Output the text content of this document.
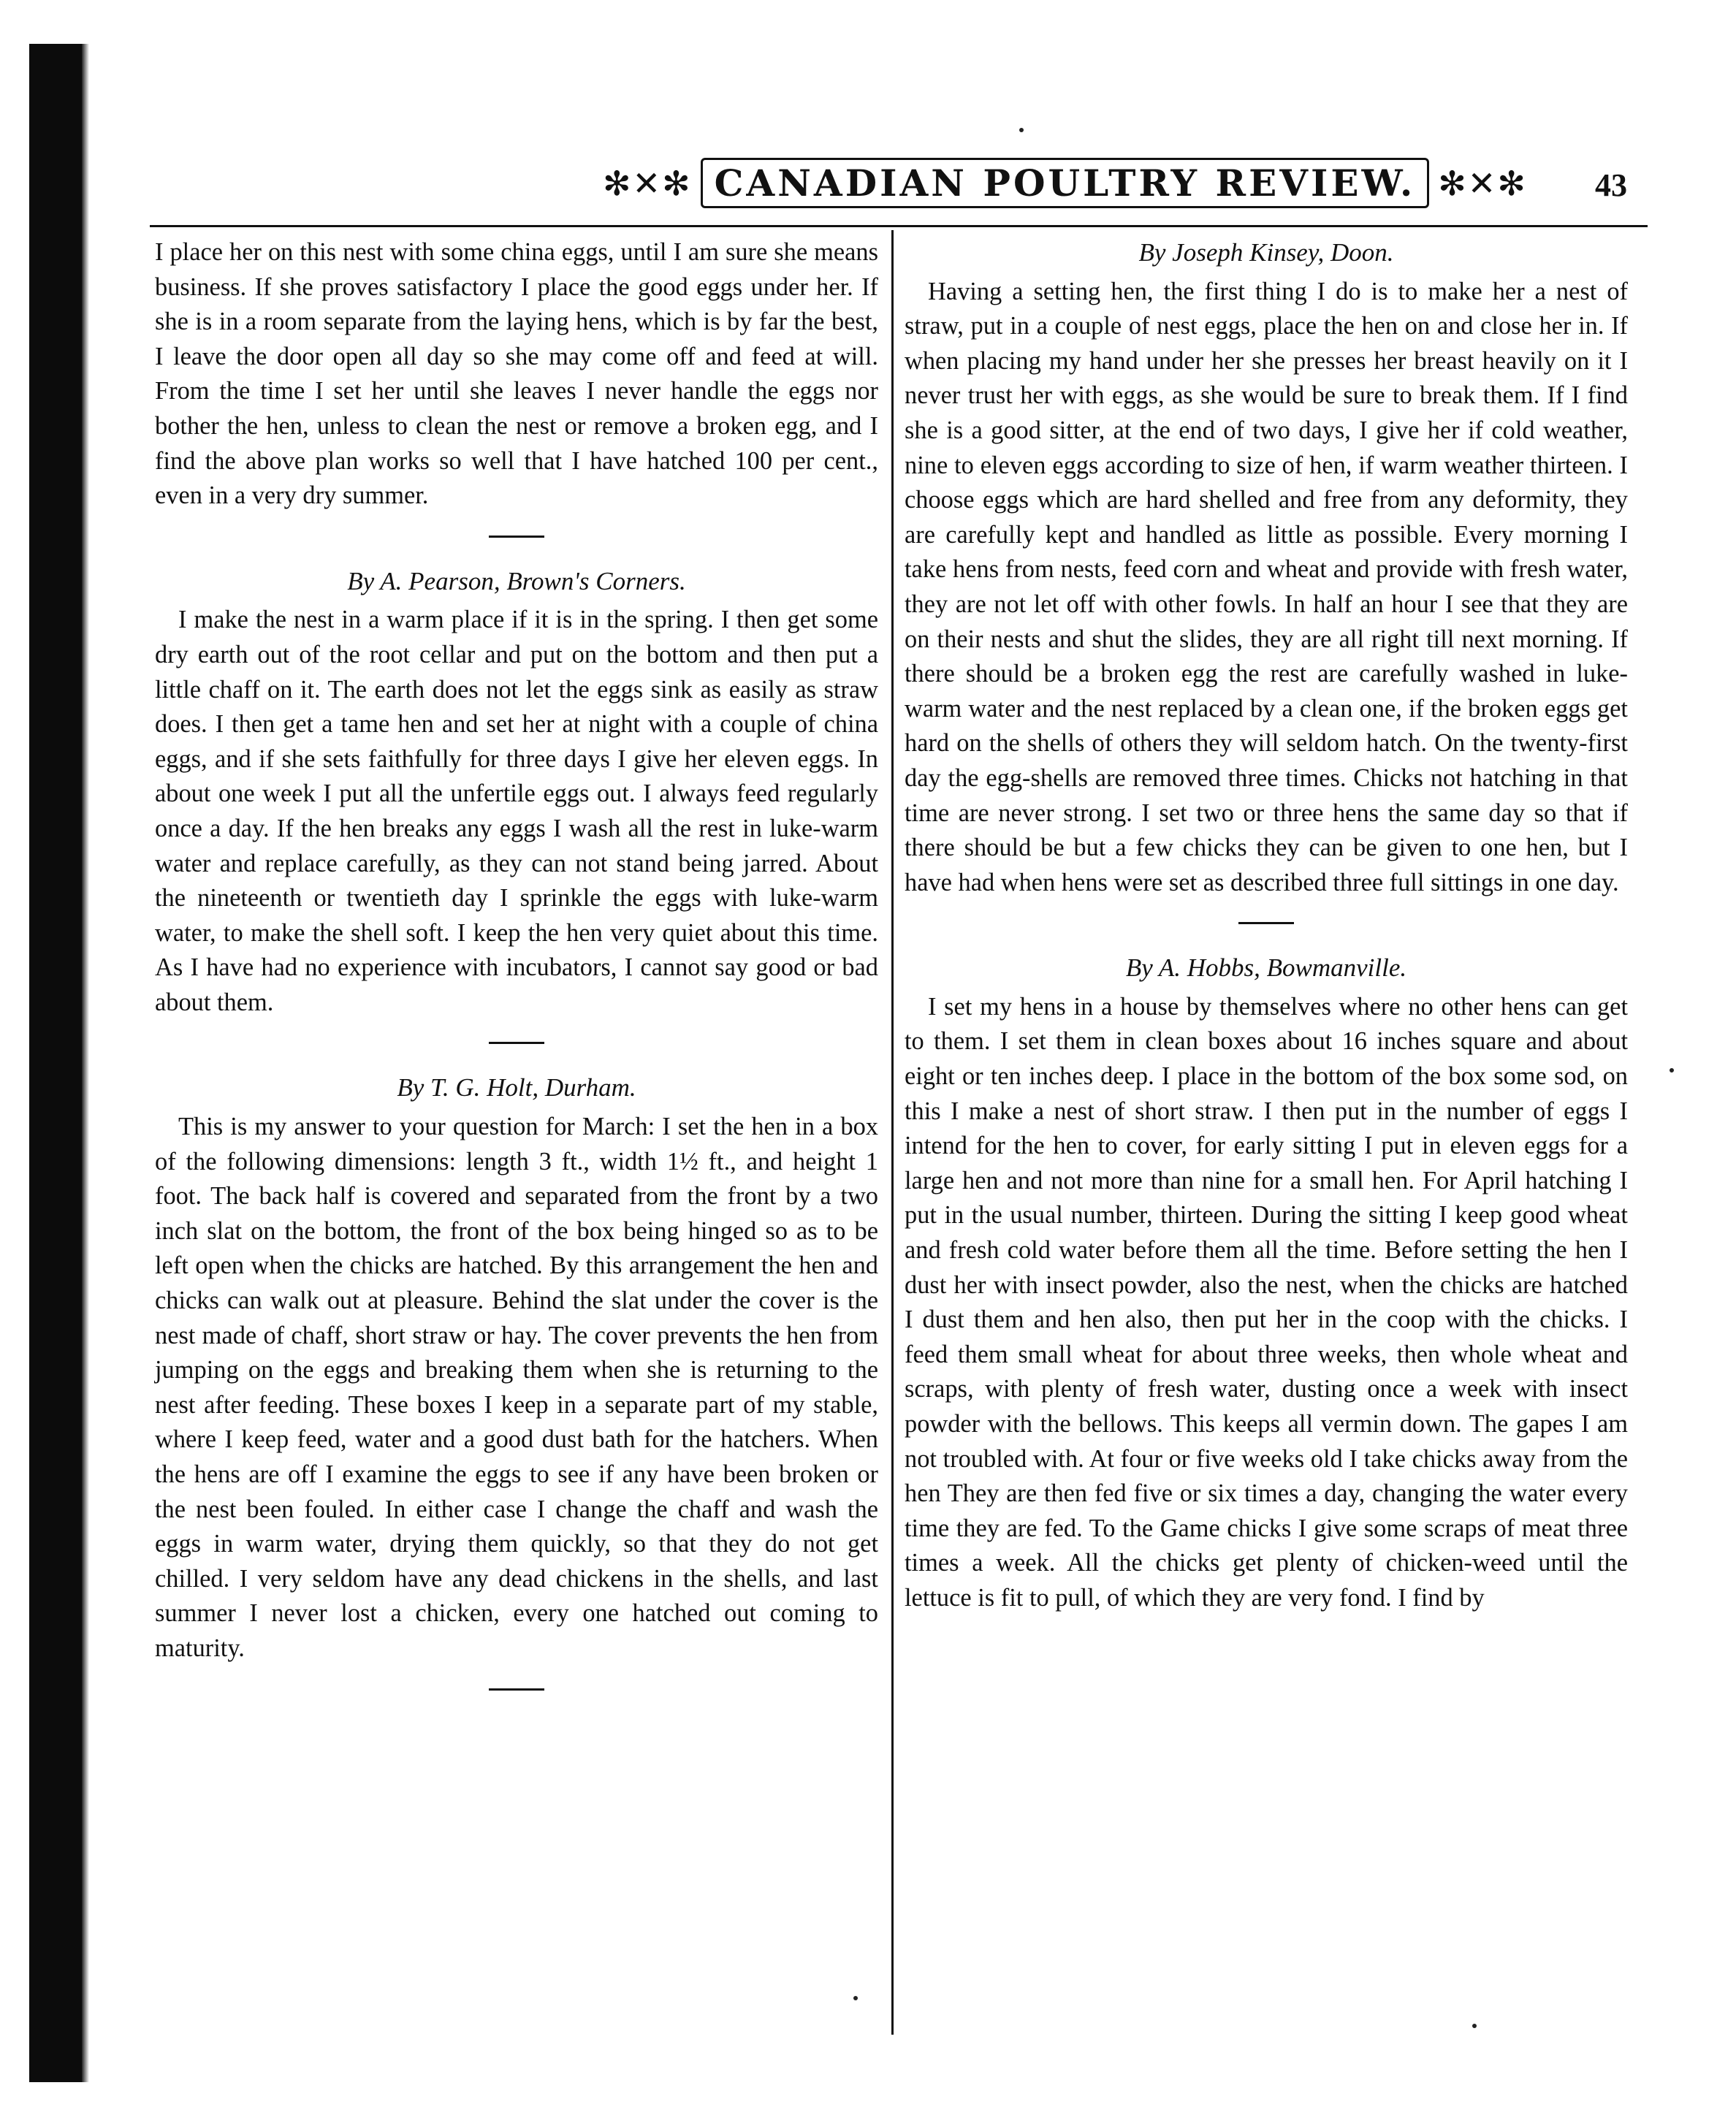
✻✕✻ CANADIAN POULTRY REVIEW. ✻✕✻ 43

I place her on this nest with some china eggs, until I am sure she means business. If she proves satisfactory I place the good eggs under her. If she is in a room separate from the laying hens, which is by far the best, I leave the door open all day so she may come off and feed at will. From the time I set her until she leaves I never handle the eggs nor bother the hen, unless to clean the nest or remove a broken egg, and I find the above plan works so well that I have hatched 100 per cent., even in a very dry summer.

By A. Pearson, Brown's Corners.

I make the nest in a warm place if it is in the spring. I then get some dry earth out of the root cellar and put on the bottom and then put a little chaff on it. The earth does not let the eggs sink as easily as straw does. I then get a tame hen and set her at night with a couple of china eggs, and if she sets faithfully for three days I give her eleven eggs. In about one week I put all the unfertile eggs out. I always feed regularly once a day. If the hen breaks any eggs I wash all the rest in luke-warm water and replace carefully, as they can not stand being jarred. About the nineteenth or twentieth day I sprinkle the eggs with luke-warm water, to make the shell soft. I keep the hen very quiet about this time. As I have had no experience with incubators, I cannot say good or bad about them.

By T. G. Holt, Durham.

This is my answer to your question for March: I set the hen in a box of the following dimensions: length 3 ft., width 1½ ft., and height 1 foot. The back half is covered and separated from the front by a two inch slat on the bottom, the front of the box being hinged so as to be left open when the chicks are hatched. By this arrangement the hen and chicks can walk out at pleasure. Behind the slat under the cover is the nest made of chaff, short straw or hay. The cover prevents the hen from jumping on the eggs and breaking them when she is returning to the nest after feeding. These boxes I keep in a separate part of my stable, where I keep feed, water and a good dust bath for the hatchers. When the hens are off I examine the eggs to see if any have been broken or the nest been fouled. In either case I change the chaff and wash the eggs in warm water, drying them quickly, so that they do not get chilled. I very seldom have any dead chickens in the shells, and last summer I never lost a chicken, every one hatched out coming to maturity.

By Joseph Kinsey, Doon.

Having a setting hen, the first thing I do is to make her a nest of straw, put in a couple of nest eggs, place the hen on and close her in. If when placing my hand under her she presses her breast heavily on it I never trust her with eggs, as she would be sure to break them. If I find she is a good sitter, at the end of two days, I give her if cold weather, nine to eleven eggs according to size of hen, if warm weather thirteen. I choose eggs which are hard shelled and free from any deformity, they are carefully kept and handled as little as possible. Every morning I take hens from nests, feed corn and wheat and provide with fresh water, they are not let off with other fowls. In half an hour I see that they are on their nests and shut the slides, they are all right till next morning. If there should be a broken egg the rest are carefully washed in luke-warm water and the nest replaced by a clean one, if the broken eggs get hard on the shells of others they will seldom hatch. On the twenty-first day the egg-shells are removed three times. Chicks not hatching in that time are never strong. I set two or three hens the same day so that if there should be but a few chicks they can be given to one hen, but I have had when hens were set as described three full sittings in one day.

By A. Hobbs, Bowmanville.

I set my hens in a house by themselves where no other hens can get to them. I set them in clean boxes about 16 inches square and about eight or ten inches deep. I place in the bottom of the box some sod, on this I make a nest of short straw. I then put in the number of eggs I intend for the hen to cover, for early sitting I put in eleven eggs for a large hen and not more than nine for a small hen. For April hatching I put in the usual number, thirteen. During the sitting I keep good wheat and fresh cold water before them all the time. Before setting the hen I dust her with insect powder, also the nest, when the chicks are hatched I dust them and hen also, then put her in the coop with the chicks. I feed them small wheat for about three weeks, then whole wheat and scraps, with plenty of fresh water, dusting once a week with insect powder with the bellows. This keeps all vermin down. The gapes I am not troubled with. At four or five weeks old I take chicks away from the hen They are then fed five or six times a day, changing the water every time they are fed. To the Game chicks I give some scraps of meat three times a week. All the chicks get plenty of chicken-weed until the lettuce is fit to pull, of which they are very fond. I find by
